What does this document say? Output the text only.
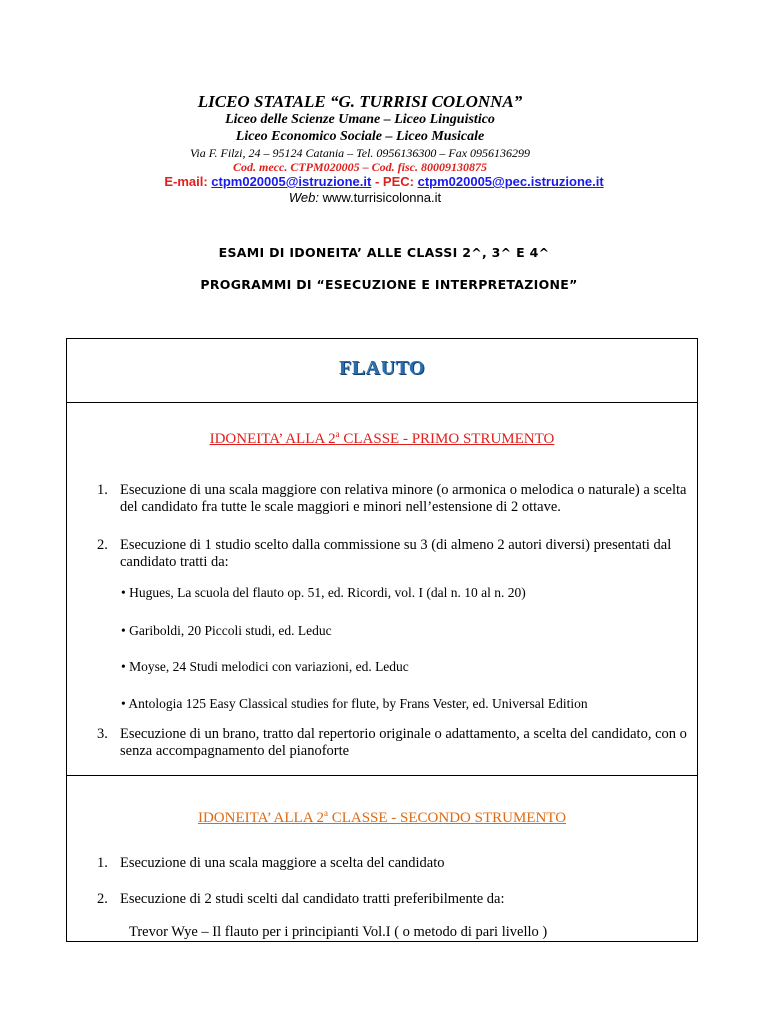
LICEO STATALE “G. TURRISI COLONNA”
Liceo delle Scienze Umane – Liceo Linguistico
Liceo Economico Sociale – Liceo Musicale
Via F. Filzi, 24 – 95124 Catania – Tel. 0956136300 – Fax 0956136299
Cod. mecc. CTPM020005 – Cod. fisc. 80009130875
E-mail: ctpm020005@istruzione.it - PEC: ctpm020005@pec.istruzione.it
Web: www.turrisicolonna.it
ESAMI DI IDONEITA’ ALLE CLASSI 2^, 3^ E 4^
PROGRAMMI DI “ESECUZIONE E INTERPRETAZIONE”
FLAUTO
IDONEITA’ ALLA 2$^a$ CLASSE - PRIMO STRUMENTO
1. Esecuzione di una scala maggiore con relativa minore (o armonica o melodica o naturale) a scelta del candidato fra tutte le scale maggiori e minori nell’estensione di 2 ottave.
2. Esecuzione di 1 studio scelto dalla commissione su 3 (di almeno 2 autori diversi) presentati dal candidato tratti da:
• Hugues, La scuola del flauto op. 51, ed. Ricordi, vol. I (dal n. 10 al n. 20)
• Gariboldi, 20 Piccoli studi, ed. Leduc
• Moyse, 24 Studi melodici con variazioni, ed. Leduc
• Antologia 125 Easy Classical studies for flute, by Frans Vester, ed. Universal Edition
3. Esecuzione di un brano, tratto dal repertorio originale o adattamento, a scelta del candidato, con o senza accompagnamento del pianoforte
IDONEITA’ ALLA 2$^a$ CLASSE - SECONDO STRUMENTO
1. Esecuzione di una scala maggiore a scelta del candidato
2. Esecuzione di 2 studi scelti dal candidato tratti preferibilmente da:
Trevor Wye – Il flauto per i principianti Vol.I ( o metodo di pari livello )
